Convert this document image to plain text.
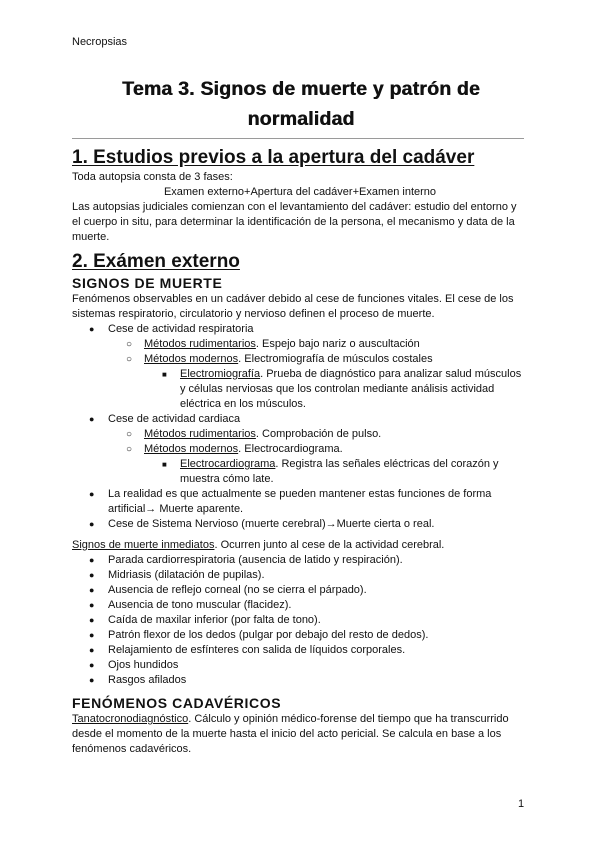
Necropsias
Tema 3. Signos de muerte y patrón de
normalidad
1. Estudios previos a la apertura del cadáver

Toda autopsia consta de 3 fases:

Examen externo+Apertura del cadáver+Examen interno

Las autopsias judiciales comienzan con el levantamiento del cadáver: estudio del entorno y el cuerpo in situ, para determinar la identificación de la persona, el mecanismo y data de la muerte.

2. Exámen externo
SIGNOS DE MUERTE

Fenómenos observables en un cadáver debido al cese de funciones vitales. El cese de los sistemas respiratorio, circulatorio y nervioso definen el proceso de muerte.

●	Cese de actividad respiratoria
○	Métodos rudimentarios. Espejo bajo nariz o auscultación
○	Métodos modernos. Electromiografía de músculos costales
■	Electromiografía. Prueba de diagnóstico para analizar salud músculos y células nerviosas que los controlan mediante análisis actividad eléctrica en los músculos.
●	Cese de actividad cardiaca
○	Métodos rudimentarios. Comprobación de pulso.
○	Métodos modernos. Electrocardiograma.
■	Electrocardiograma. Registra las señales eléctricas del corazón y muestra cómo late.
●	La realidad es que actualmente se pueden mantener estas funciones de forma artificial→ Muerte aparente.
●	Cese de Sistema Nervioso (muerte cerebral)→Muerte cierta o real.

Signos de muerte inmediatos. Ocurren junto al cese de la actividad cerebral.

●	Parada cardiorrespiratoria (ausencia de latido y respiración).
●	Midriasis (dilatación de pupilas).
●	Ausencia de reflejo corneal (no se cierra el párpado).
●	Ausencia de tono muscular (flacidez).
●	Caída de maxilar inferior (por falta de tono).
●	Patrón flexor de los dedos (pulgar por debajo del resto de dedos).
●	Relajamiento de esfínteres con salida de líquidos corporales.
●	Ojos hundidos
●	Rasgos afilados
FENÓMENOS CADAVÉRICOS

Tanatocronodiagnóstico. Cálculo y opinión médico-forense del tiempo que ha transcurrido desde el momento de la muerte hasta el inicio del acto pericial. Se calcula en base a los fenómenos cadavéricos.

1
